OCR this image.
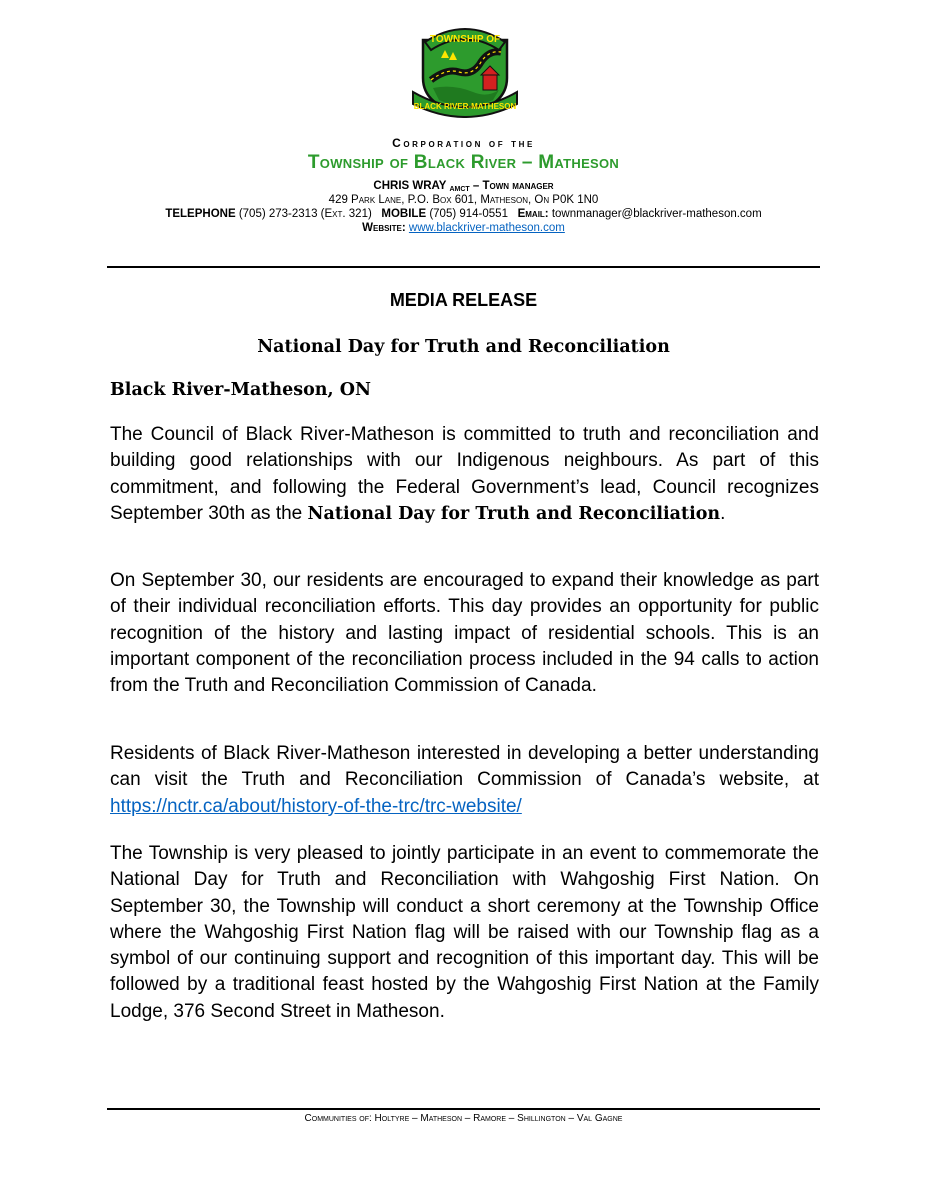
TOWNSHIP OF
BLACK RIVER-MATHESON
Corporation of the
Township of Black River – Matheson
CHRIS WRAY AMCT – Town manager
429 Park Lane, P.O. Box 601, Matheson, On P0K 1N0
TELEPHONE (705) 273-2313 (Ext. 321) MOBILE (705) 914-0551 Email: townmanager@blackriver-matheson.com
Website: www.blackriver-matheson.com
MEDIA RELEASE
National Day for Truth and Reconciliation
Black River-Matheson, ON
The Council of Black River-Matheson is committed to truth and reconciliation and building good relationships with our Indigenous neighbours. As part of this commitment, and following the Federal Government’s lead, Council recognizes September 30th as the National Day for Truth and Reconciliation.
On September 30, our residents are encouraged to expand their knowledge as part of their individual reconciliation efforts. This day provides an opportunity for public recognition of the history and lasting impact of residential schools. This is an important component of the reconciliation process included in the 94 calls to action from the Truth and Reconciliation Commission of Canada.
Residents of Black River-Matheson interested in developing a better understanding can visit the Truth and Reconciliation Commission of Canada’s website, at https://nctr.ca/about/history-of-the-trc/trc-website/
The Township is very pleased to jointly participate in an event to commemorate the National Day for Truth and Reconciliation with Wahgoshig First Nation. On September 30, the Township will conduct a short ceremony at the Township Office where the Wahgoshig First Nation flag will be raised with our Township flag as a symbol of our continuing support and recognition of this important day. This will be followed by a traditional feast hosted by the Wahgoshig First Nation at the Family Lodge, 376 Second Street in Matheson.
Communities of: Holtyre – Matheson – Ramore – Shillington – Val Gagne
